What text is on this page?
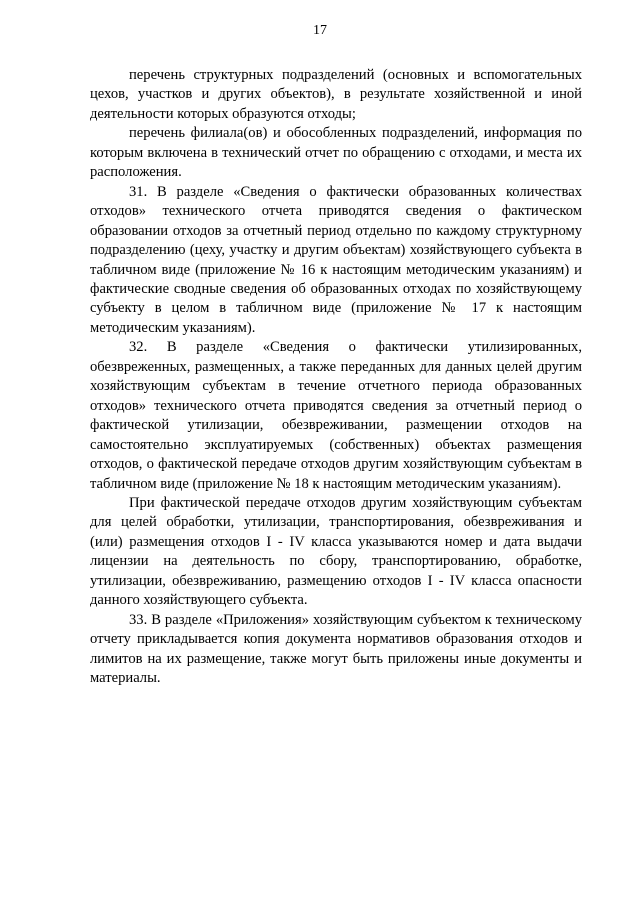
17

перечень структурных подразделений (основных и вспомогательных цехов, участков и других объектов), в результате хозяйственной и иной деятельности которых образуются отходы;

перечень филиала(ов) и обособленных подразделений, информация по которым включена в технический отчет по обращению с отходами, и места их расположения.

31. В разделе «Сведения о фактически образованных количествах отходов» технического отчета приводятся сведения о фактическом образовании отходов за отчетный период отдельно по каждому структурному подразделению (цеху, участку и другим объектам) хозяйствующего субъекта в табличном виде (приложение № 16 к настоящим методическим указаниям) и фактические сводные сведения об образованных отходах по хозяйствующему субъекту в целом в табличном виде (приложение № 17 к настоящим методическим указаниям).

32. В разделе «Сведения о фактически утилизированных, обезвреженных, размещенных, а также переданных для данных целей другим хозяйствующим субъектам в течение отчетного периода образованных отходов» технического отчета приводятся сведения за отчетный период о фактической утилизации, обезвреживании, размещении отходов на самостоятельно эксплуатируемых (собственных) объектах размещения отходов, о фактической передаче отходов другим хозяйствующим субъектам в табличном виде (приложение № 18 к настоящим методическим указаниям).

При фактической передаче отходов другим хозяйствующим субъектам для целей обработки, утилизации, транспортирования, обезвреживания и (или) размещения отходов I - IV класса указываются номер и дата выдачи лицензии на деятельность по сбору, транспортированию, обработке, утилизации, обезвреживанию, размещению отходов I - IV класса опасности данного хозяйствующего субъекта.

33. В разделе «Приложения» хозяйствующим субъектом к техническому отчету прикладывается копия документа нормативов образования отходов и лимитов на их размещение, также могут быть приложены иные документы и материалы.
